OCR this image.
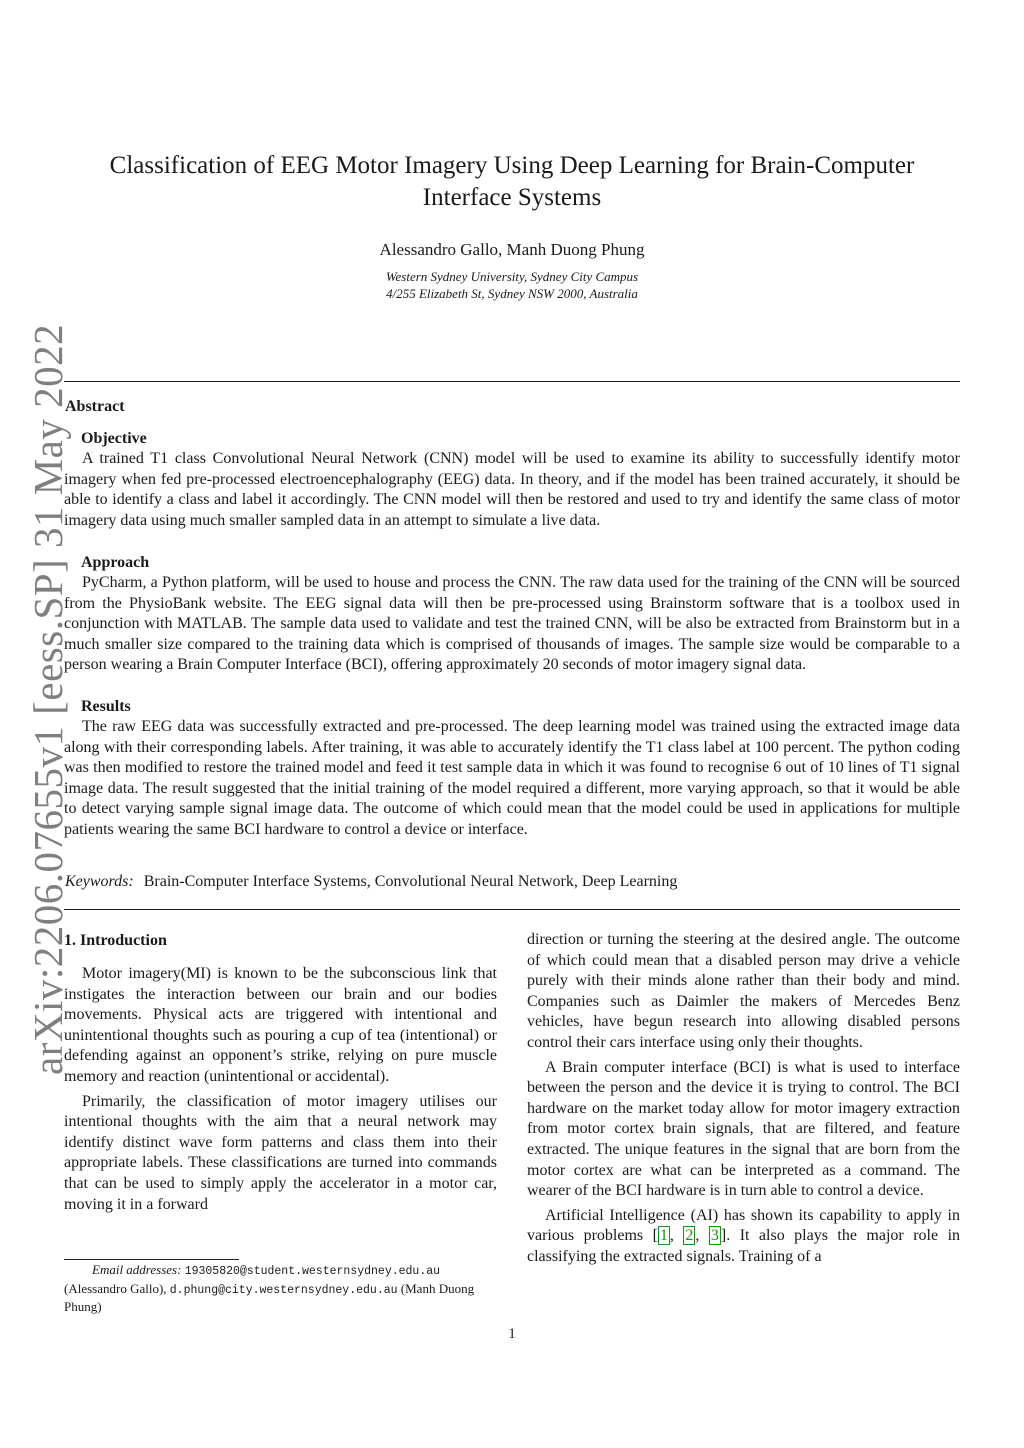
arXiv:2206.07655v1 [eess.SP] 31 May 2022
Classification of EEG Motor Imagery Using Deep Learning for Brain-Computer
Interface Systems
Alessandro Gallo, Manh Duong Phung
Western Sydney University, Sydney City Campus
4/255 Elizabeth St, Sydney NSW 2000, Australia
Abstract
Objective

A trained T1 class Convolutional Neural Network (CNN) model will be used to examine its ability to successfully identify motor imagery when fed pre-processed electroencephalography (EEG) data. In theory, and if the model has been trained accurately, it should be able to identify a class and label it accordingly. The CNN model will then be restored and used to try and identify the same class of motor imagery data using much smaller sampled data in an attempt to simulate a live data.

Approach

PyCharm, a Python platform, will be used to house and process the CNN. The raw data used for the training of the CNN will be sourced from the PhysioBank website. The EEG signal data will then be pre-processed using Brainstorm software that is a toolbox used in conjunction with MATLAB. The sample data used to validate and test the trained CNN, will be also be extracted from Brainstorm but in a much smaller size compared to the training data which is comprised of thousands of images. The sample size would be comparable to a person wearing a Brain Computer Interface (BCI), offering approximately 20 seconds of motor imagery signal data.

Results

The raw EEG data was successfully extracted and pre-processed. The deep learning model was trained using the extracted image data along with their corresponding labels. After training, it was able to accurately identify the T1 class label at 100 percent. The python coding was then modified to restore the trained model and feed it test sample data in which it was found to recognise 6 out of 10 lines of T1 signal image data. The result suggested that the initial training of the model required a different, more varying approach, so that it would be able to detect varying sample signal image data. The outcome of which could mean that the model could be used in applications for multiple patients wearing the same BCI hardware to control a device or interface.

Keywords: Brain-Computer Interface Systems, Convolutional Neural Network, Deep Learning
1. Introduction

Motor imagery(MI) is known to be the subconscious link that instigates the interaction between our brain and our bodies movements. Physical acts are triggered with intentional and unintentional thoughts such as pouring a cup of tea (intentional) or defending against an opponent’s strike, relying on pure muscle memory and reaction (unintentional or accidental).

Primarily, the classification of motor imagery utilises our intentional thoughts with the aim that a neural network may identify distinct wave form patterns and class them into their appropriate labels. These classifications are turned into commands that can be used to simply apply the accelerator in a motor car, moving it in a forward

direction or turning the steering at the desired angle. The outcome of which could mean that a disabled person may drive a vehicle purely with their minds alone rather than their body and mind. Companies such as Daimler the makers of Mercedes Benz vehicles, have begun research into allowing disabled persons control their cars interface using only their thoughts.

A Brain computer interface (BCI) is what is used to interface between the person and the device it is trying to control. The BCI hardware on the market today allow for motor imagery extraction from motor cortex brain signals, that are filtered, and feature extracted. The unique features in the signal that are born from the motor cortex are what can be interpreted as a command. The wearer of the BCI hardware is in turn able to control a device.

Artificial Intelligence (AI) has shown its capability to apply in various problems [ 1 , 2 , 3 ]. It also plays the major role in classifying the extracted signals. Training of a

Email addresses: 19305820@student.westernsydney.edu.au (Alessandro Gallo), d.phung@city.westernsydney.edu.au (Manh Duong Phung)
1
